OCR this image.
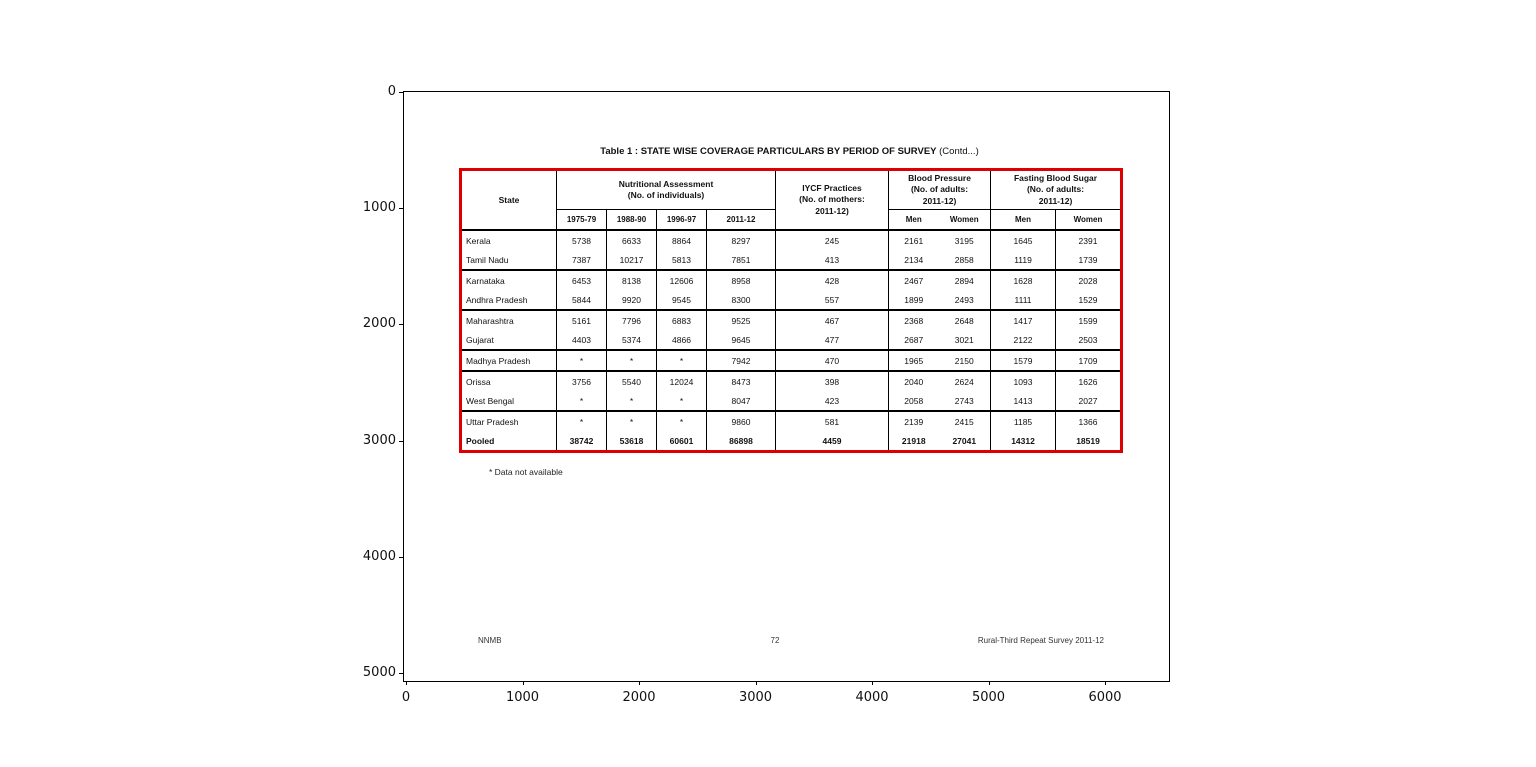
Table 1 : STATE WISE COVERAGE PARTICULARS BY PERIOD OF SURVEY (Contd...)
State	
Nutritional Assessment
(No. of individuals)

IYCF Practices
(No. of mothers:
2011-12)

Blood Pressure
(No. of adults:
2011-12)

Fasting Blood Sugar
(No. of adults:
2011-12)

	1975-79	1988-90	1996-97	2011-12		Men	Women	Men	Women
Kerala	5738	6633	8864	8297	245	2161	3195	1645	2391
Tamil Nadu	7387	10217	5813	7851	413	2134	2858	1119	1739
Karnataka	6453	8138	12606	8958	428	2467	2894	1628	2028
Andhra Pradesh	5844	9920	9545	8300	557	1899	2493	1111	1529
Maharashtra	5161	7796	6883	9525	467	2368	2648	1417	1599
Gujarat	4403	5374	4866	9645	477	2687	3021	2122	2503
Madhya Pradesh	*	*	*	7942	470	1965	2150	1579	1709
Orissa	3756	5540	12024	8473	398	2040	2624	1093	1626
West Bengal	*	*	*	8047	423	2058	2743	1413	2027
Uttar Pradesh	*	*	*	9860	581	2139	2415	1185	1366
Pooled	38742	53618	60601	86898	4459	21918	27041	14312	18519
* Data not available
NNMB	72	Rural-Third Repeat Survey 2011-12
0	1000	2000	3000	4000	5000	6000
0
1000
2000
3000
4000
5000
